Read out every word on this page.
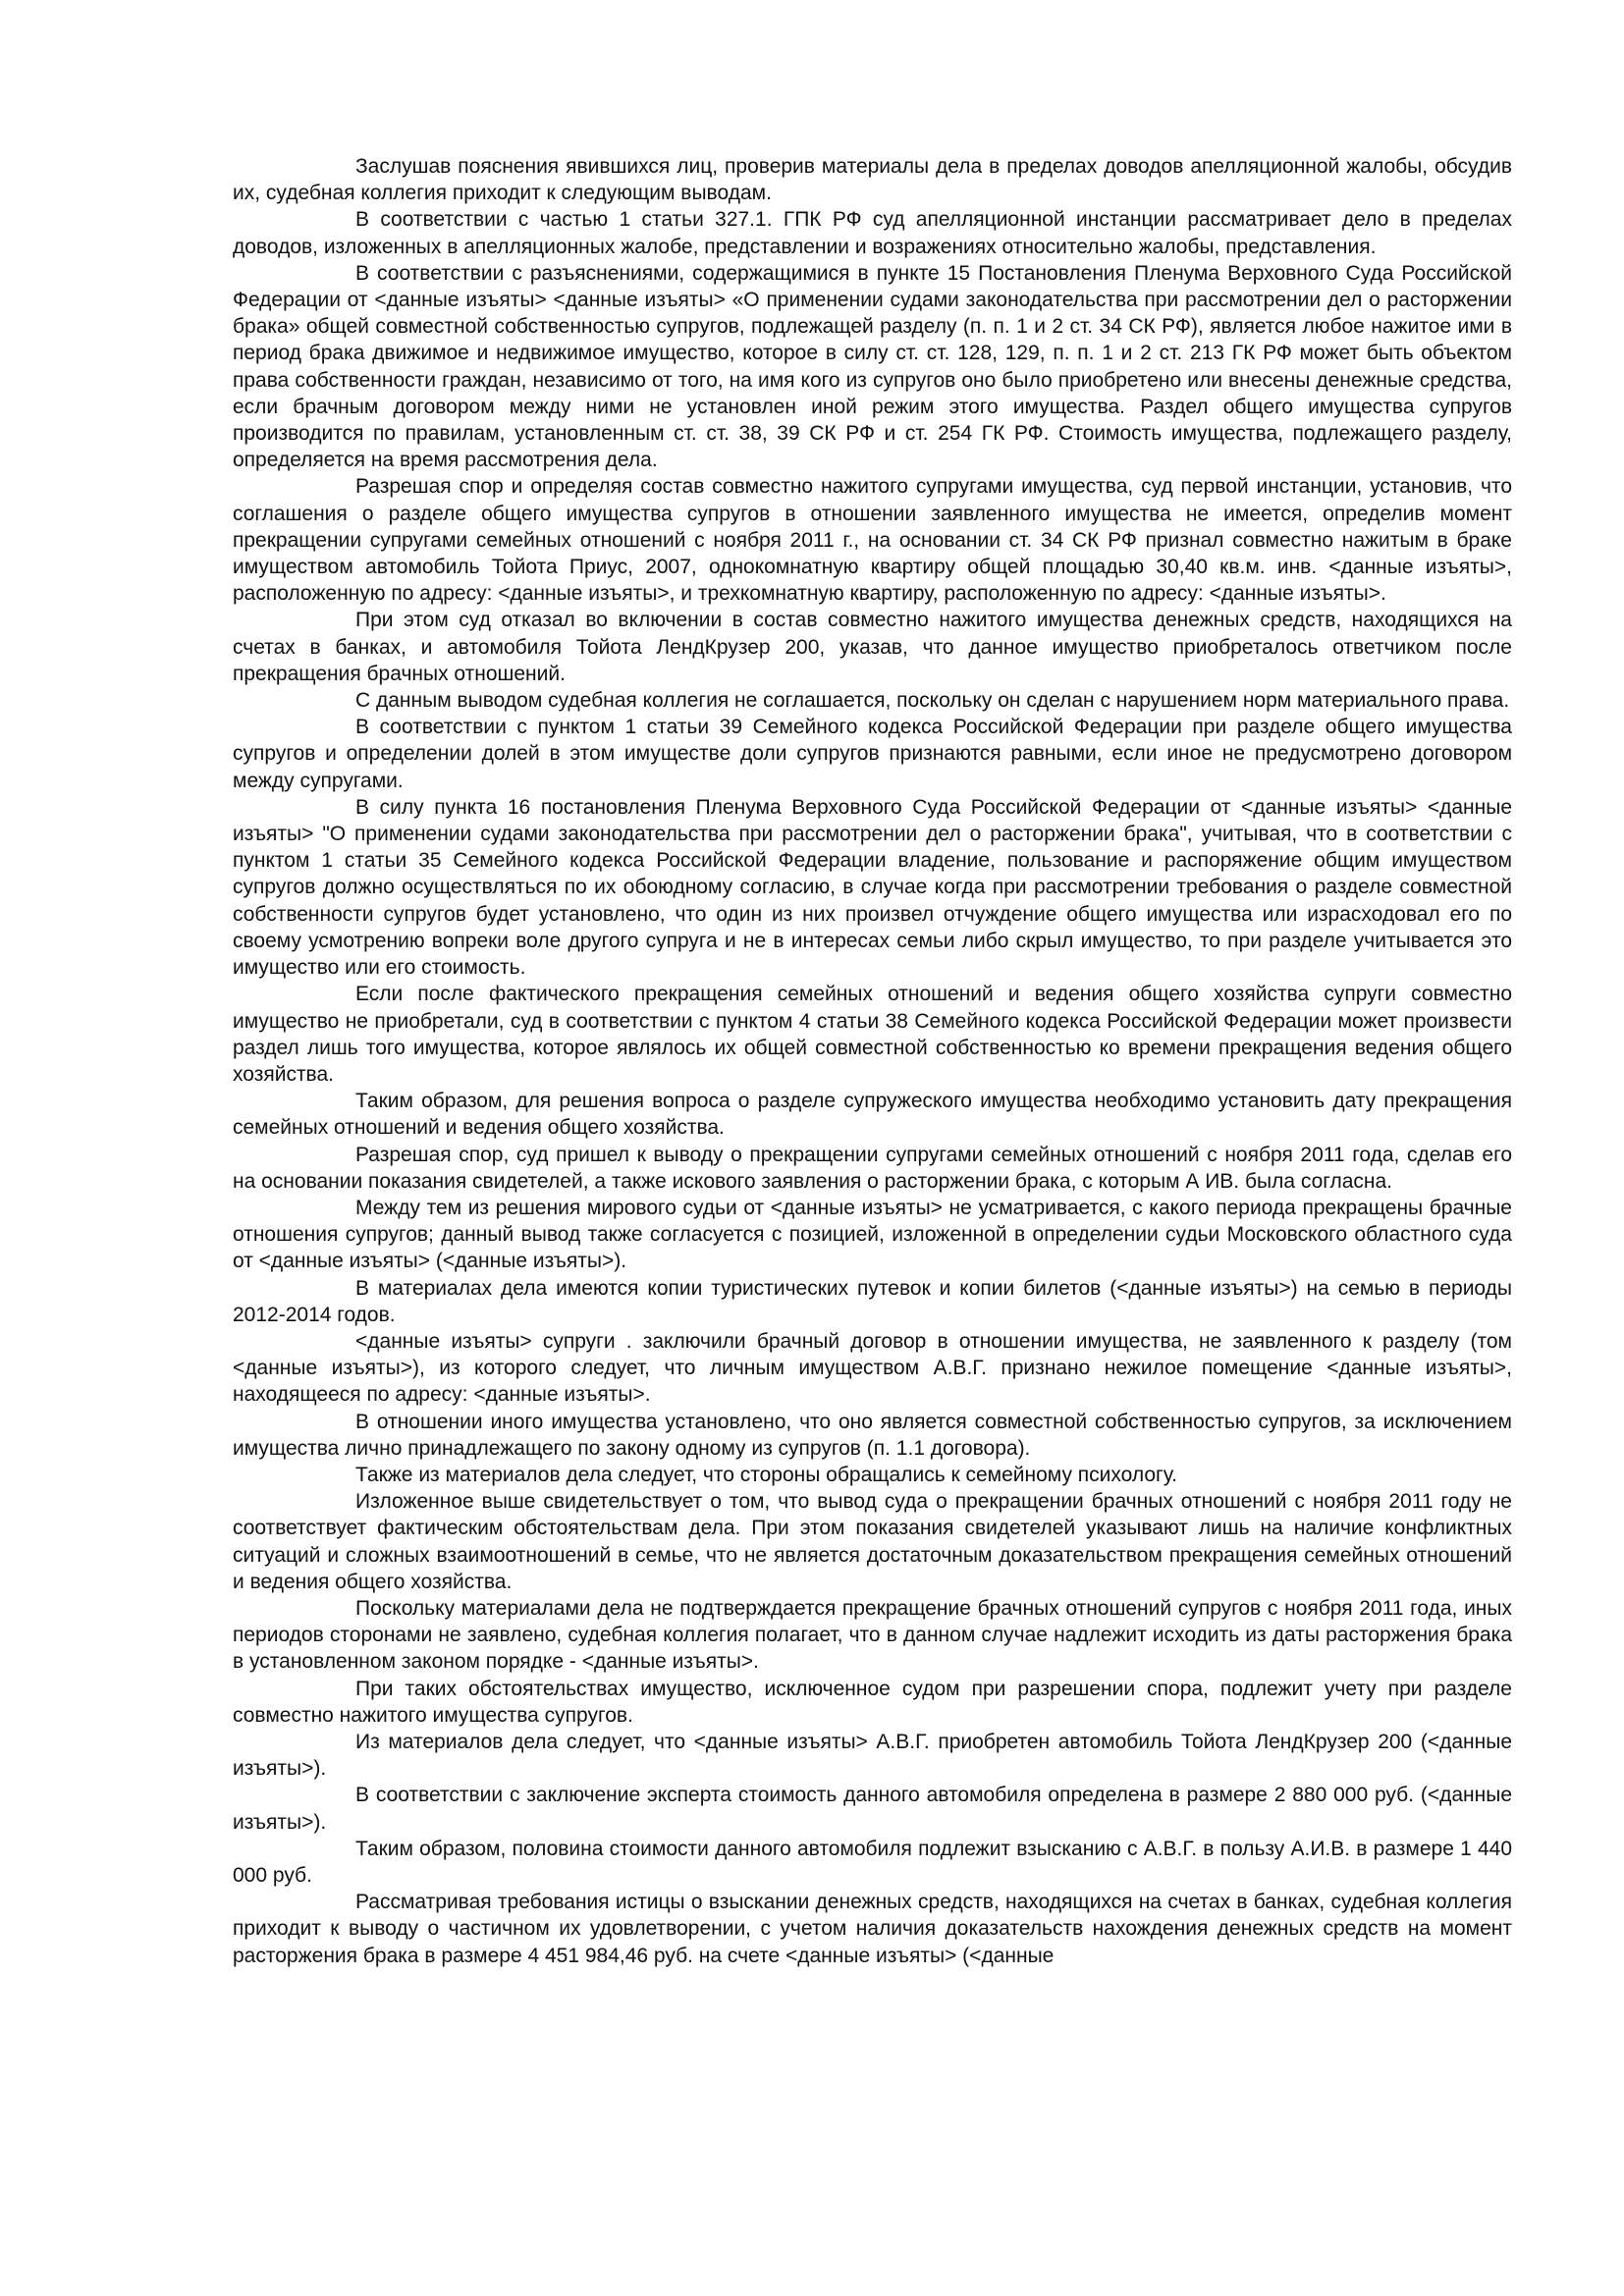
Заслушав пояснения явившихся лиц, проверив материалы дела в пределах доводов апелляционной жалобы, обсудив их, судебная коллегия приходит к следующим выводам.

В соответствии с частью 1 статьи 327.1. ГПК РФ суд апелляционной инстанции рассматривает дело в пределах доводов, изложенных в апелляционных жалобе, представлении и возражениях относительно жалобы, представления.

В соответствии с разъяснениями, содержащимися в пункте 15 Постановления Пленума Верховного Суда Российской Федерации от <данные изъяты> <данные изъяты> «О применении судами законодательства при рассмотрении дел о расторжении брака» общей совместной собственностью супругов, подлежащей разделу (п. п. 1 и 2 ст. 34 СК РФ), является любое нажитое ими в период брака движимое и недвижимое имущество, которое в силу ст. ст. 128, 129, п. п. 1 и 2 ст. 213 ГК РФ может быть объектом права собственности граждан, независимо от того, на имя кого из супругов оно было приобретено или внесены денежные средства, если брачным договором между ними не установлен иной режим этого имущества. Раздел общего имущества супругов производится по правилам, установленным ст. ст. 38, 39 СК РФ и ст. 254 ГК РФ. Стоимость имущества, подлежащего разделу, определяется на время рассмотрения дела.

Разрешая спор и определяя состав совместно нажитого супругами имущества, суд первой инстанции, установив, что соглашения о разделе общего имущества супругов в отношении заявленного имущества не имеется, определив момент прекращении супругами семейных отношений с ноября 2011 г., на основании ст. 34 СК РФ признал совместно нажитым в браке имуществом автомобиль Тойота Приус, 2007, однокомнатную квартиру общей площадью 30,40 кв.м. инв. <данные изъяты>, расположенную по адресу: <данные изъяты>, и трехкомнатную квартиру, расположенную по адресу: <данные изъяты>.

При этом суд отказал во включении в состав совместно нажитого имущества денежных средств, находящихся на счетах в банках, и автомобиля Тойота ЛендКрузер 200, указав, что данное имущество приобреталось ответчиком после прекращения брачных отношений.

С данным выводом судебная коллегия не соглашается, поскольку он сделан с нарушением норм материального права.

В соответствии с пунктом 1 статьи 39 Семейного кодекса Российской Федерации при разделе общего имущества супругов и определении долей в этом имуществе доли супругов признаются равными, если иное не предусмотрено договором между супругами.

В силу пункта 16 постановления Пленума Верховного Суда Российской Федерации от <данные изъяты> <данные изъяты> "О применении судами законодательства при рассмотрении дел о расторжении брака", учитывая, что в соответствии с пунктом 1 статьи 35 Семейного кодекса Российской Федерации владение, пользование и распоряжение общим имуществом супругов должно осуществляться по их обоюдному согласию, в случае когда при рассмотрении требования о разделе совместной собственности супругов будет установлено, что один из них произвел отчуждение общего имущества или израсходовал его по своему усмотрению вопреки воле другого супруга и не в интересах семьи либо скрыл имущество, то при разделе учитывается это имущество или его стоимость.

Если после фактического прекращения семейных отношений и ведения общего хозяйства супруги совместно имущество не приобретали, суд в соответствии с пунктом 4 статьи 38 Семейного кодекса Российской Федерации может произвести раздел лишь того имущества, которое являлось их общей совместной собственностью ко времени прекращения ведения общего хозяйства.

Таким образом, для решения вопроса о разделе супружеского имущества необходимо установить дату прекращения семейных отношений и ведения общего хозяйства.

Разрешая спор, суд пришел к выводу о прекращении супругами семейных отношений с ноября 2011 года, сделав его на основании показания свидетелей, а также искового заявления о расторжении брака, с которым А ИВ. была согласна.

Между тем из решения мирового судьи от <данные изъяты> не усматривается, с какого периода прекращены брачные отношения супругов; данный вывод также согласуется с позицией, изложенной в определении судьи Московского областного суда от <данные изъяты> (<данные изъяты>).

В материалах дела имеются копии туристических путевок и копии билетов (<данные изъяты>) на семью в периоды 2012-2014 годов.

<данные изъяты> супруги . заключили брачный договор в отношении имущества, не заявленного к разделу (том <данные изъяты>), из которого следует, что личным имуществом А.В.Г. признано нежилое помещение <данные изъяты>, находящееся по адресу: <данные изъяты>.

В отношении иного имущества установлено, что оно является совместной собственностью супругов, за исключением имущества лично принадлежащего по закону одному из супругов (п. 1.1 договора).

Также из материалов дела следует, что стороны обращались к семейному психологу.

Изложенное выше свидетельствует о том, что вывод суда о прекращении брачных отношений с ноября 2011 году не соответствует фактическим обстоятельствам дела. При этом показания свидетелей указывают лишь на наличие конфликтных ситуаций и сложных взаимоотношений в семье, что не является достаточным доказательством прекращения семейных отношений и ведения общего хозяйства.

Поскольку материалами дела не подтверждается прекращение брачных отношений супругов с ноября 2011 года, иных периодов сторонами не заявлено, судебная коллегия полагает, что в данном случае надлежит исходить из даты расторжения брака в установленном законом порядке - <данные изъяты>.

При таких обстоятельствах имущество, исключенное судом при разрешении спора, подлежит учету при разделе совместно нажитого имущества супругов.

Из материалов дела следует, что <данные изъяты> А.В.Г. приобретен автомобиль Тойота ЛендКрузер 200 (<данные изъяты>).

В соответствии с заключение эксперта стоимость данного автомобиля определена в размере 2 880 000 руб. (<данные изъяты>).

Таким образом, половина стоимости данного автомобиля подлежит взысканию с А.В.Г. в пользу А.И.В. в размере 1 440 000 руб.

Рассматривая требования истицы о взыскании денежных средств, находящихся на счетах в банках, судебная коллегия приходит к выводу о частичном их удовлетворении, с учетом наличия доказательств нахождения денежных средств на момент расторжения брака в размере 4 451 984,46 руб. на счете <данные изъяты> (<данные
